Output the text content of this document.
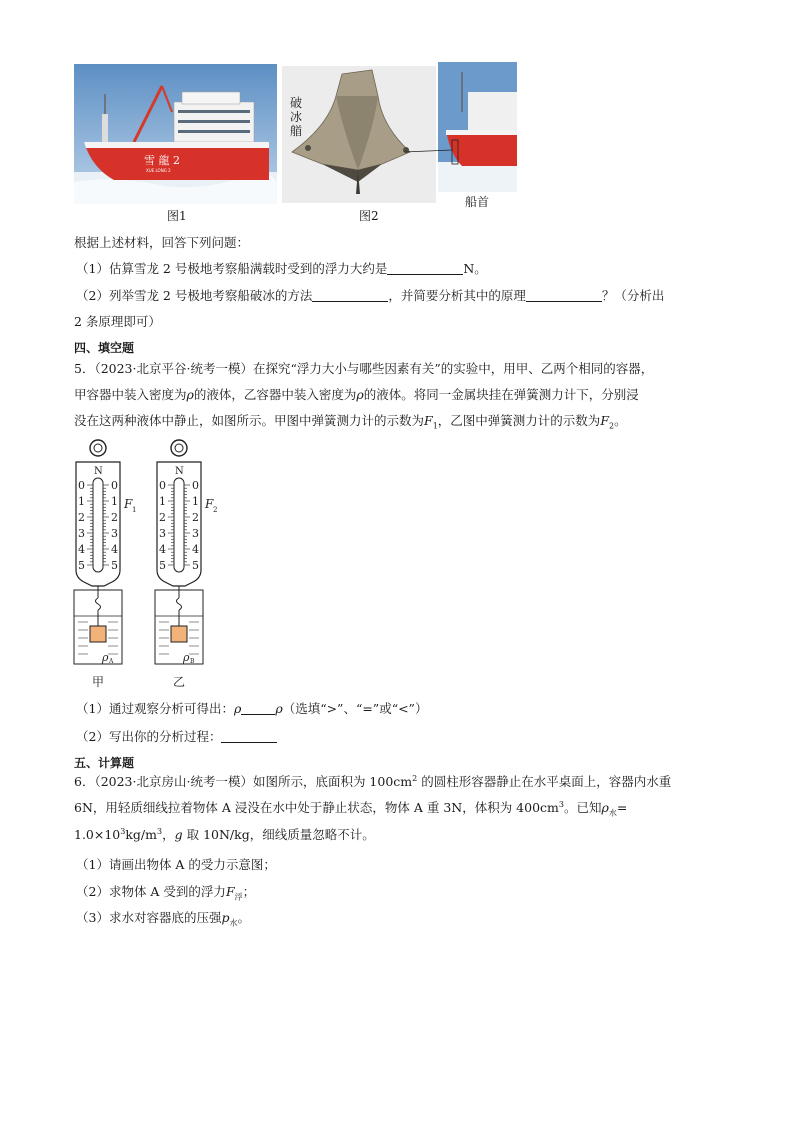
雪 龍 2
XUE LONG 2
图1
破
冰
艏
图2
船首
根据上述材料，回答下列问题：
（1）估算雪龙 2 号极地考察船满载时受到的浮力大约是	N。
（2）列举雪龙 2 号极地考察船破冰的方法	，并简要分析其中的原理	？（分析出
2 条原理即可）
四、填空题
5．（2023·北京平谷·统考一模）在探究“浮力大小与哪些因素有关”的实验中，用甲、乙两个相同的容器，
甲容器中装入密度为ρ的液体，乙容器中装入密度为ρ的液体。将同一金属块挂在弹簧测力计下，分别浸
没在这两种液体中静止，如图所示。甲图中弹簧测力计的示数为$F_1$，乙图中弹簧测力计的示数为$F_2$。
N	N
0 0
1 1
2 2
3 3
4 4
5 5
0 0
1 1
2 2
3 3
4 4
5 5
F 1	F 2
ρ A	ρ B
甲	乙
（1）通过观察分析可得出：ρ	ρ（选填“>”、“=”或“<”）
（2）写出你的分析过程：
五、计算题
6．（2023·北京房山·统考一模）如图所示，底面积为 $100cm^2$ 的圆柱形容器静止在水平桌面上，容器内水重
6N，用轻质细线拉着物体 A 浸没在水中处于静止状态，物体 A 重 3N，体积为 $400cm^3$。已知$\rho_水=$
$1.0\times 10^3kg/m^3$，g 取 10N/kg，细线质量忽略不计。
（1）请画出物体 A 的受力示意图；
（2）求物体 A 受到的浮力$F_浮$；
（3）求水对容器底的压强$p_水$。
